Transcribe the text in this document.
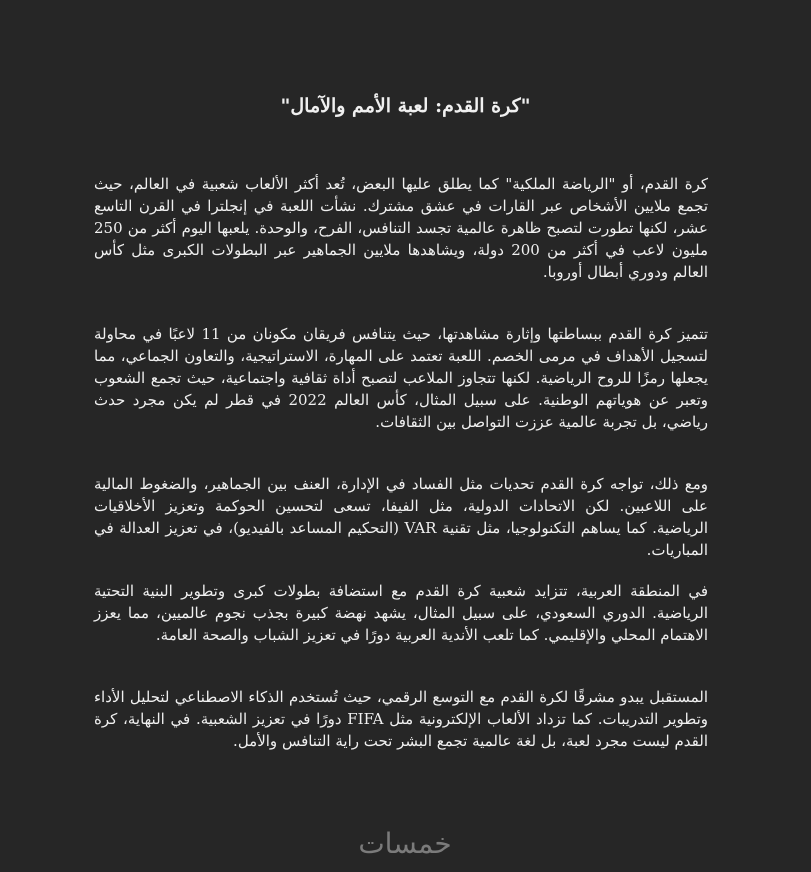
"كرة القدم: لعبة الأمم والآمال"

كرة القدم، أو "الرياضة الملكية" كما يطلق عليها البعض، تُعد أكثر الألعاب شعبية في العالم، حيث تجمع ملايين الأشخاص عبر القارات في عشق مشترك. نشأت اللعبة في إنجلترا في القرن التاسع عشر، لكنها تطورت لتصبح ظاهرة عالمية تجسد التنافس، الفرح، والوحدة. يلعبها اليوم أكثر من 250 مليون لاعب في أكثر من 200 دولة، ويشاهدها ملايين الجماهير عبر البطولات الكبرى مثل كأس العالم ودوري أبطال أوروبا.

تتميز كرة القدم ببساطتها وإثارة مشاهدتها، حيث يتنافس فريقان مكونان من 11 لاعبًا في محاولة لتسجيل الأهداف في مرمى الخصم. اللعبة تعتمد على المهارة، الاستراتيجية، والتعاون الجماعي، مما يجعلها رمزًا للروح الرياضية. لكنها تتجاوز الملاعب لتصبح أداة ثقافية واجتماعية، حيث تجمع الشعوب وتعبر عن هوياتهم الوطنية. على سبيل المثال، كأس العالم 2022 في قطر لم يكن مجرد حدث رياضي، بل تجربة عالمية عززت التواصل بين الثقافات.

ومع ذلك، تواجه كرة القدم تحديات مثل الفساد في الإدارة، العنف بين الجماهير، والضغوط المالية على اللاعبين. لكن الاتحادات الدولية، مثل الفيفا، تسعى لتحسين الحوكمة وتعزيز الأخلاقيات الرياضية. كما يساهم التكنولوجيا، مثل تقنية VAR (التحكيم المساعد بالفيديو)، في تعزيز العدالة في المباريات.

في المنطقة العربية، تتزايد شعبية كرة القدم مع استضافة بطولات كبرى وتطوير البنية التحتية الرياضية. الدوري السعودي، على سبيل المثال، يشهد نهضة كبيرة بجذب نجوم عالميين، مما يعزز الاهتمام المحلي والإقليمي. كما تلعب الأندية العربية دورًا في تعزيز الشباب والصحة العامة.

المستقبل يبدو مشرقًا لكرة القدم مع التوسع الرقمي، حيث تُستخدم الذكاء الاصطناعي لتحليل الأداء وتطوير التدريبات. كما تزداد الألعاب الإلكترونية مثل FIFA دورًا في تعزيز الشعبية. في النهاية، كرة القدم ليست مجرد لعبة، بل لغة عالمية تجمع البشر تحت راية التنافس والأمل.

خمسات
